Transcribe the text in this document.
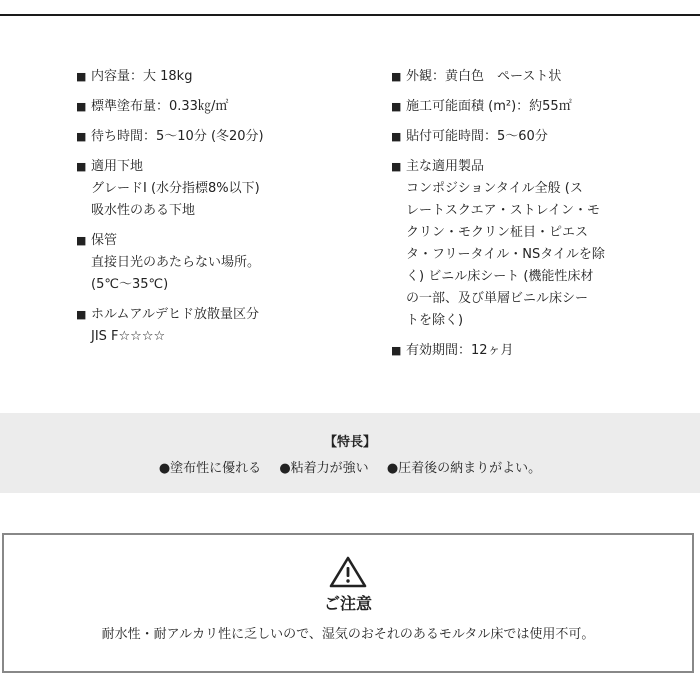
■ 内容量：大 18kg
■ 標準塗布量：0.33㎏/㎡
■ 待ち時間：5〜10分 (冬20分)
■ 適用下地
グレードⅠ (水分指標8%以下)
吸水性のある下地
■ 保管
直接日光のあたらない場所。
(5℃〜35℃)
■ ホルムアルデヒド放散量区分
JIS F☆☆☆☆
■ 外観：黄白色　ペースト状
■ 施工可能面積 (m²)：約55㎡
■ 貼付可能時間：5〜60分
■ 主な適用製品
コンポジションタイル全般 (ス
レートスクエア・ストレイン・モ
クリン・モクリン柾目・ピエス
タ・フリータイル・NSタイルを除
く) ビニル床シート (機能性床材
の一部、及び単層ビニル床シー
トを除く)
■ 有効期間：12ヶ月
【特長】
●塗布性に優れる ●粘着力が強い ●圧着後の納まりがよい。
ご注意
耐水性・耐アルカリ性に乏しいので、湿気のおそれのあるモルタル床では使用不可。
